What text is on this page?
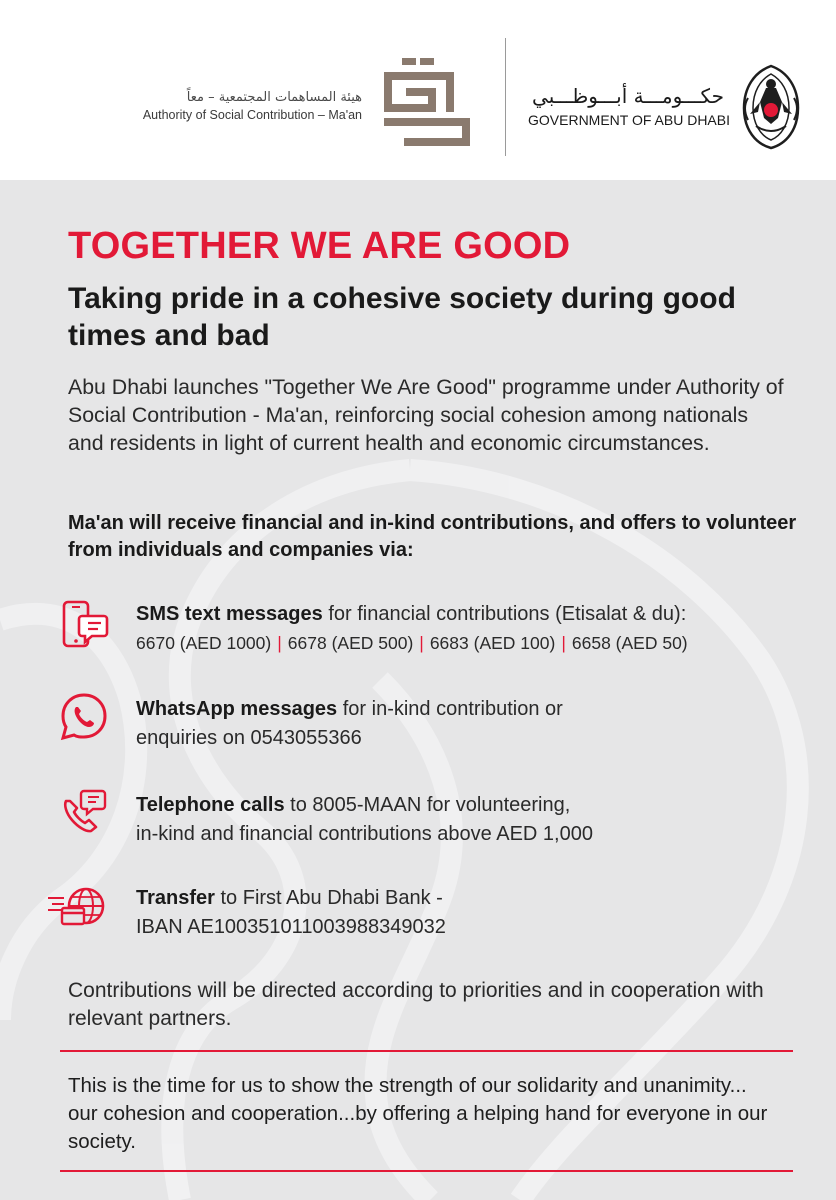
هيئة المساهمات المجتمعية – معاً
Authority of Social Contribution – Ma'an
حكـــومـــة أبـــوظـــبي
GOVERNMENT OF ABU DHABI
TOGETHER WE ARE GOOD
Taking pride in a cohesive society during good times and bad

Abu Dhabi launches "Together We Are Good" programme under Authority of Social Contribution - Ma'an, reinforcing social cohesion among nationals and residents in light of current health and economic circumstances.

Ma'an will receive financial and in-kind contributions, and offers to volunteer from individuals and companies via:

SMS text messages for financial contributions (Etisalat & du):
6670 (AED 1000) | 6678 (AED 500) | 6683 (AED 100) | 6658 (AED 50)
WhatsApp messages for in-kind contribution or
enquiries on 0543055366
Telephone calls to 8005-MAAN for volunteering,
in-kind and financial contributions above AED 1,000
Transfer to First Abu Dhabi Bank -
IBAN AE1003510110039883490​32

Contributions will be directed according to priorities and in cooperation with relevant partners.

This is the time for us to show the strength of our solidarity and unanimity... our cohesion and cooperation...by offering a helping hand for everyone in our society.
